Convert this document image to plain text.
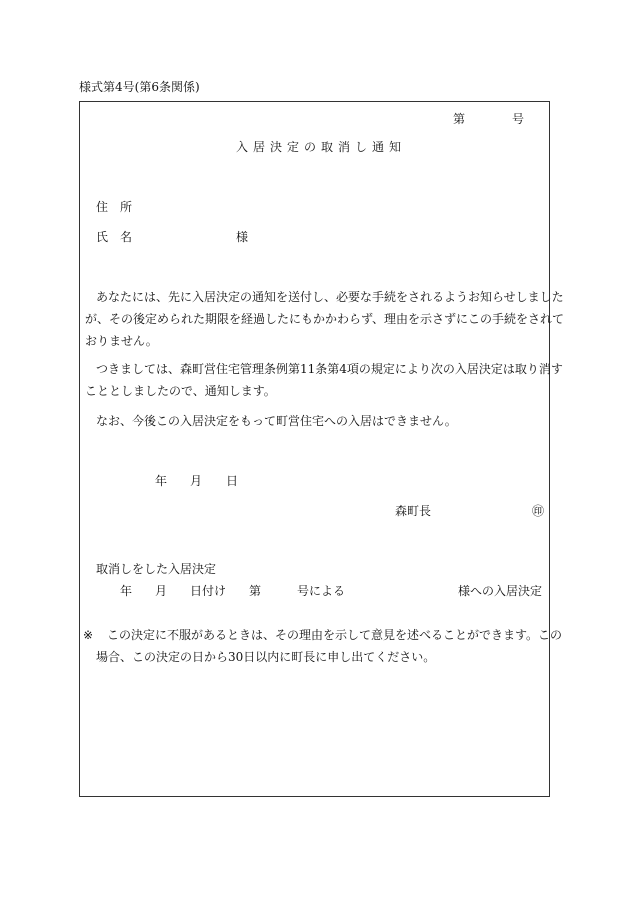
様式第4号(第6条関係)
第	号
入居決定の取消し通知
住　所
氏　名	様
あなたには、先に入居決定の通知を送付し、必要な手続をされるようお知らせしました
が、その後定められた期限を経過したにもかかわらず、理由を示さずにこの手続をされて
おりません。
つきましては、森町営住宅管理条例第11条第4項の規定により次の入居決定は取り消す
こととしましたので、通知します。
なお、今後この入居決定をもって町営住宅への入居はできません。
年 月 日
森町長	㊞
取消しをした入居決定
年 月 日付け 第	号による	様への入居決定
※ この決定に不服があるときは、その理由を示して意見を述べることができます。この
場合、この決定の日から30日以内に町長に申し出てください。
